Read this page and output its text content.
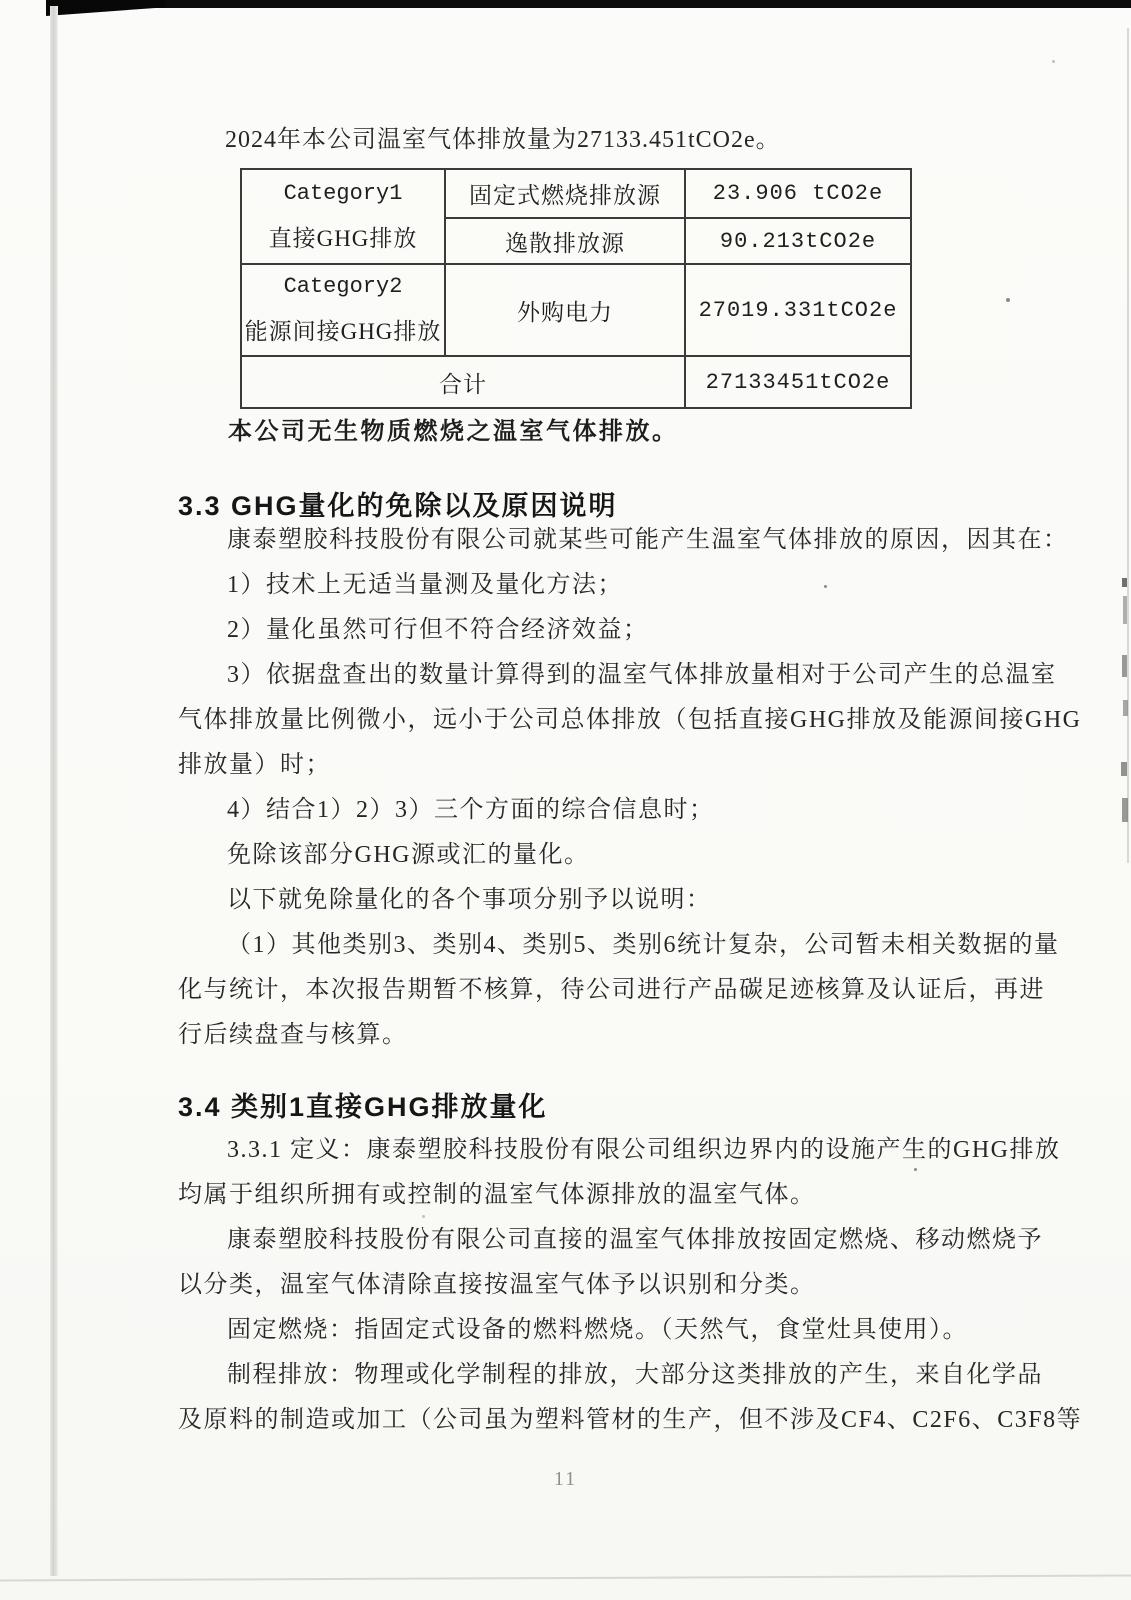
2024年本公司温室气体排放量为27133.451tCO2e。
Category1
直接GHG排放	固定式燃烧排放源	23.906 tCO2e
	逸散排放源	90.213tCO2e

Category2
能源间接GHG排放	外购电力	27019.331tCO2e
合计		27133451tCO2e
本公司无生物质燃烧之温室气体排放。
3.3 GHG量化的免除以及原因说明
康泰塑胶科技股份有限公司就某些可能产生温室气体排放的原因，因其在：
1）技术上无适当量测及量化方法；
2）量化虽然可行但不符合经济效益；
3）依据盘查出的数量计算得到的温室气体排放量相对于公司产生的总温室
气体排放量比例微小，远小于公司总体排放（包括直接GHG排放及能源间接GHG
排放量）时；
4）结合1）2）3）三个方面的综合信息时；
免除该部分GHG源或汇的量化。
以下就免除量化的各个事项分别予以说明：
（1）其他类别3、类别4、类别5、类别6统计复杂，公司暂未相关数据的量
化与统计，本次报告期暂不核算，待公司进行产品碳足迹核算及认证后，再进
行后续盘查与核算。
3.4 类别1直接GHG排放量化
3.3.1 定义：康泰塑胶科技股份有限公司组织边界内的设施产生的GHG排放
均属于组织所拥有或控制的温室气体源排放的温室气体。
康泰塑胶科技股份有限公司直接的温室气体排放按固定燃烧、移动燃烧予
以分类，温室气体清除直接按温室气体予以识别和分类。
固定燃烧：指固定式设备的燃料燃烧。（天然气，食堂灶具使用）。
制程排放：物理或化学制程的排放，大部分这类排放的产生，来自化学品
及原料的制造或加工（公司虽为塑料管材的生产，但不涉及CF4、C2F6、C3F8等
11
